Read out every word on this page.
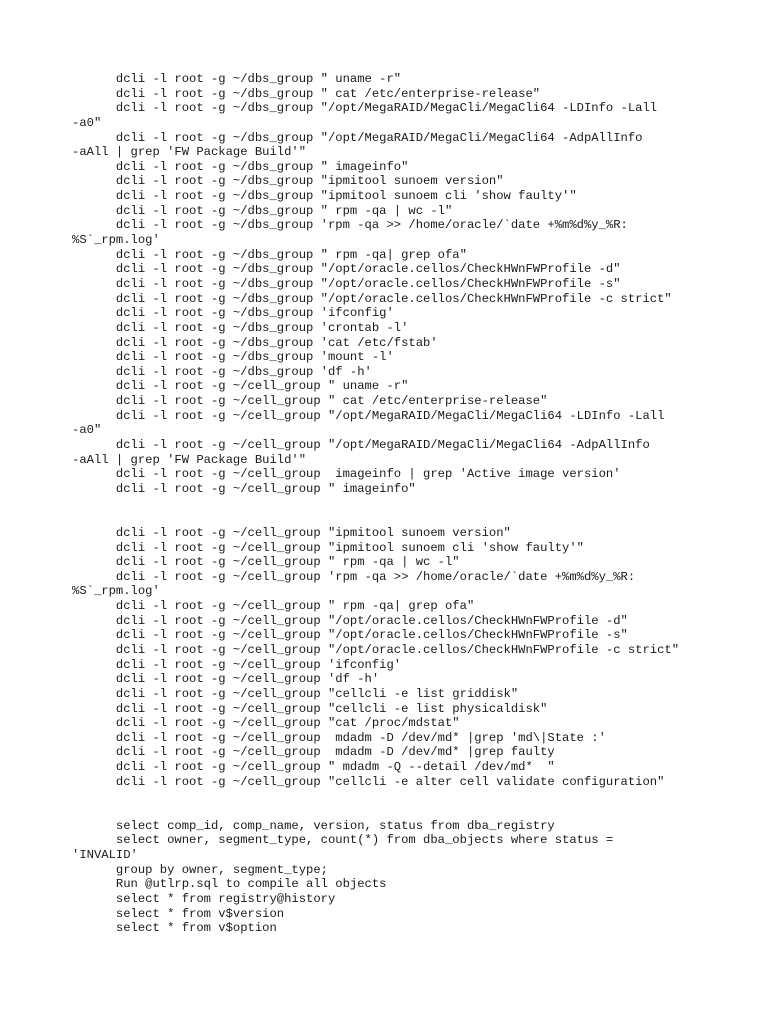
dcli -l root -g ~/dbs_group " uname -r"
dcli -l root -g ~/dbs_group " cat /etc/enterprise-release"
dcli -l root -g ~/dbs_group "/opt/MegaRAID/MegaCli/MegaCli64 -LDInfo -Lall
-a0"
dcli -l root -g ~/dbs_group "/opt/MegaRAID/MegaCli/MegaCli64 -AdpAllInfo
-aAll | grep 'FW Package Build'"
dcli -l root -g ~/dbs_group " imageinfo"
dcli -l root -g ~/dbs_group "ipmitool sunoem version"
dcli -l root -g ~/dbs_group "ipmitool sunoem cli 'show faulty'"
dcli -l root -g ~/dbs_group " rpm -qa | wc -l"
dcli -l root -g ~/dbs_group 'rpm -qa >> /home/oracle/`date +%m%d%y_%R:
%S`_rpm.log'
dcli -l root -g ~/dbs_group " rpm -qa| grep ofa"
dcli -l root -g ~/dbs_group "/opt/oracle.cellos/CheckHWnFWProfile -d"
dcli -l root -g ~/dbs_group "/opt/oracle.cellos/CheckHWnFWProfile -s"
dcli -l root -g ~/dbs_group "/opt/oracle.cellos/CheckHWnFWProfile -c strict"
dcli -l root -g ~/dbs_group 'ifconfig'
dcli -l root -g ~/dbs_group 'crontab -l'
dcli -l root -g ~/dbs_group 'cat /etc/fstab'
dcli -l root -g ~/dbs_group 'mount -l'
dcli -l root -g ~/dbs_group 'df -h'
dcli -l root -g ~/cell_group " uname -r"
dcli -l root -g ~/cell_group " cat /etc/enterprise-release"
dcli -l root -g ~/cell_group "/opt/MegaRAID/MegaCli/MegaCli64 -LDInfo -Lall
-a0"
dcli -l root -g ~/cell_group "/opt/MegaRAID/MegaCli/MegaCli64 -AdpAllInfo
-aAll | grep 'FW Package Build'"
dcli -l root -g ~/cell_group  imageinfo | grep 'Active image version'
dcli -l root -g ~/cell_group " imageinfo"
dcli -l root -g ~/cell_group "ipmitool sunoem version"
dcli -l root -g ~/cell_group "ipmitool sunoem cli 'show faulty'"
dcli -l root -g ~/cell_group " rpm -qa | wc -l"
dcli -l root -g ~/cell_group 'rpm -qa >> /home/oracle/`date +%m%d%y_%R:
%S`_rpm.log'
dcli -l root -g ~/cell_group " rpm -qa| grep ofa"
dcli -l root -g ~/cell_group "/opt/oracle.cellos/CheckHWnFWProfile -d"
dcli -l root -g ~/cell_group "/opt/oracle.cellos/CheckHWnFWProfile -s"
dcli -l root -g ~/cell_group "/opt/oracle.cellos/CheckHWnFWProfile -c strict"
dcli -l root -g ~/cell_group 'ifconfig'
dcli -l root -g ~/cell_group 'df -h'
dcli -l root -g ~/cell_group "cellcli -e list griddisk"
dcli -l root -g ~/cell_group "cellcli -e list physicaldisk"
dcli -l root -g ~/cell_group "cat /proc/mdstat"
dcli -l root -g ~/cell_group  mdadm -D /dev/md* |grep 'md\|State :'
dcli -l root -g ~/cell_group  mdadm -D /dev/md* |grep faulty
dcli -l root -g ~/cell_group " mdadm -Q --detail /dev/md*  "
dcli -l root -g ~/cell_group "cellcli -e alter cell validate configuration"
select comp_id, comp_name, version, status from dba_registry
select owner, segment_type, count(*) from dba_objects where status =
'INVALID'
group by owner, segment_type;
Run @utlrp.sql to compile all objects
select * from registry@history
select * from v$version
select * from v$option
